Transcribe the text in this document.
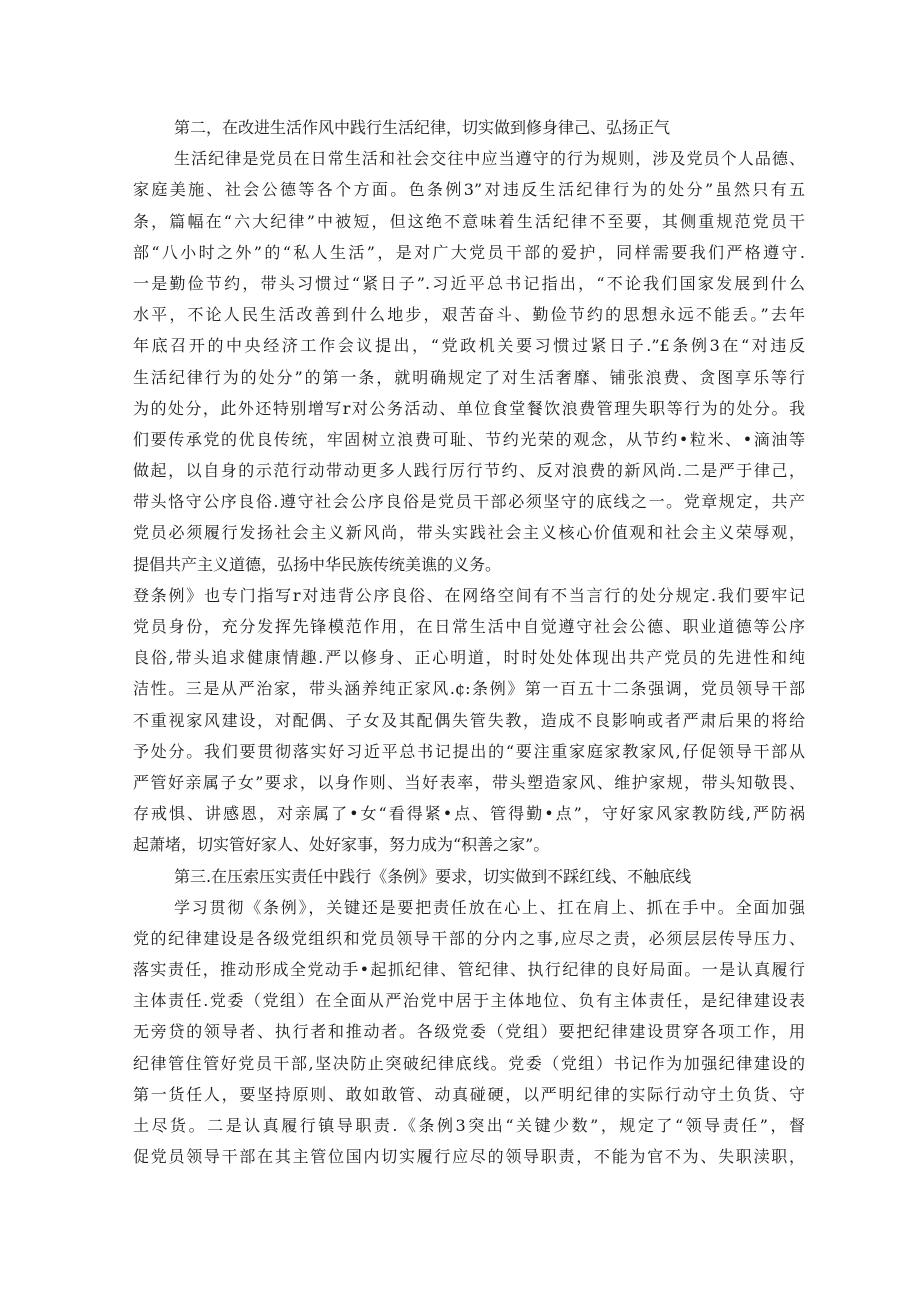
第二，在改进生活作风中践行生活纪律，切实做到修身律己、弘扬正气
生活纪律是党员在日常生活和社会交往中应当遵守的行为规则，涉及党员个人品德、
家庭美施、社会公德等各个方面。色条例3”对违反生活纪律行为的处分”虽然只有五
条，篇幅在“六大纪律”中被短，但这绝不意味着生活纪律不至要，其侧重规范党员干
部“八小时之外”的“私人生活”，是对广大党员干部的爱护，同样需要我们严格遵守.
一是勤俭节约，带头习惯过“紧日子”.习近平总书记指出，“不论我们国家发展到什么
水平，不论人民生活改善到什么地步，艰苦奋斗、勤俭节约的思想永远不能丢。”去年
年底召开的中央经济工作会议提出，“党政机关要习惯过紧日子.”£条例3在“对违反
生活纪律行为的处分”的第一条，就明确规定了对生活奢靡、铺张浪费、贪图享乐等行
为的处分，此外还特别增写r对公务活动、单位食堂餐饮浪费管理失职等行为的处分。我
们要传承党的优良传统，牢固树立浪费可耻、节约光荣的观念，从节约•粒米、•滴油等
做起，以自身的示范行动带动更多人践行厉行节约、反对浪费的新风尚.二是严于律己，
带头恪守公序良俗.遵守社会公序良俗是党员干部必须坚守的底线之一。党章规定，共产
党员必须履行发扬社会主义新风尚，带头实践社会主义核心价值观和社会主义荣辱观，
提倡共产主义道德，弘扬中华民族传统美谯的义务。
登条例》也专门指写r对违背公序良俗、在网络空间有不当言行的处分规定.我们要牢记
党员身份，充分发挥先锋模范作用，在日常生活中自觉遵守社会公德、职业道德等公序
良俗,带头追求健康情趣.严以修身、正心明道，时时处处体现出共产党员的先进性和纯
洁性。三是从严治家，带头涵养纯正家风.¢:条例》第一百五十二条强调，党员领导干部
不重视家风建设，对配偶、子女及其配偶失管失教，造成不良影响或者严肃后果的将给
予处分。我们要贯彻落实好习近平总书记提出的“要注重家庭家教家风,仔促领导干部从
严管好亲属子女”要求，以身作则、当好表率，带头塑造家风、维护家规，带头知敬畏、
存戒惧、讲感恩，对亲属了•女“看得紧•点、管得勤•点”，守好家风家教防线,严防祸
起萧堵，切实管好家人、处好家事，努力成为“积善之家”。
第三.在压索压实责任中践行《条例》要求，切实做到不踩红线、不触底线
学习贯彻《条例》，关键还是要把责任放在心上、扛在肩上、抓在手中。全面加强
党的纪律建设是各级党组织和党员领导干部的分内之事,应尽之责，必须层层传导压力、
落实责任，推动形成全党动手•起抓纪律、管纪律、执行纪律的良好局面。一是认真履行
主体责任.党委（党组）在全面从严治党中居于主体地位、负有主体责任，是纪律建设表
无旁贷的领导者、执行者和推动者。各级党委（党组）要把纪律建设贯穿各项工作，用
纪律管住管好党员干部,坚决防止突破纪律底线。党委（党组）书记作为加强纪律建设的
第一货任人，要坚持原则、敢如敢管、动真碰硬，以严明纪律的实际行动守土负货、守
土尽货。二是认真履行镇导职责.《条例3突出“关键少数”，规定了“领导责任”，督
促党员领导干部在其主管位国内切实履行应尽的领导职责，不能为官不为、失职渎职，
